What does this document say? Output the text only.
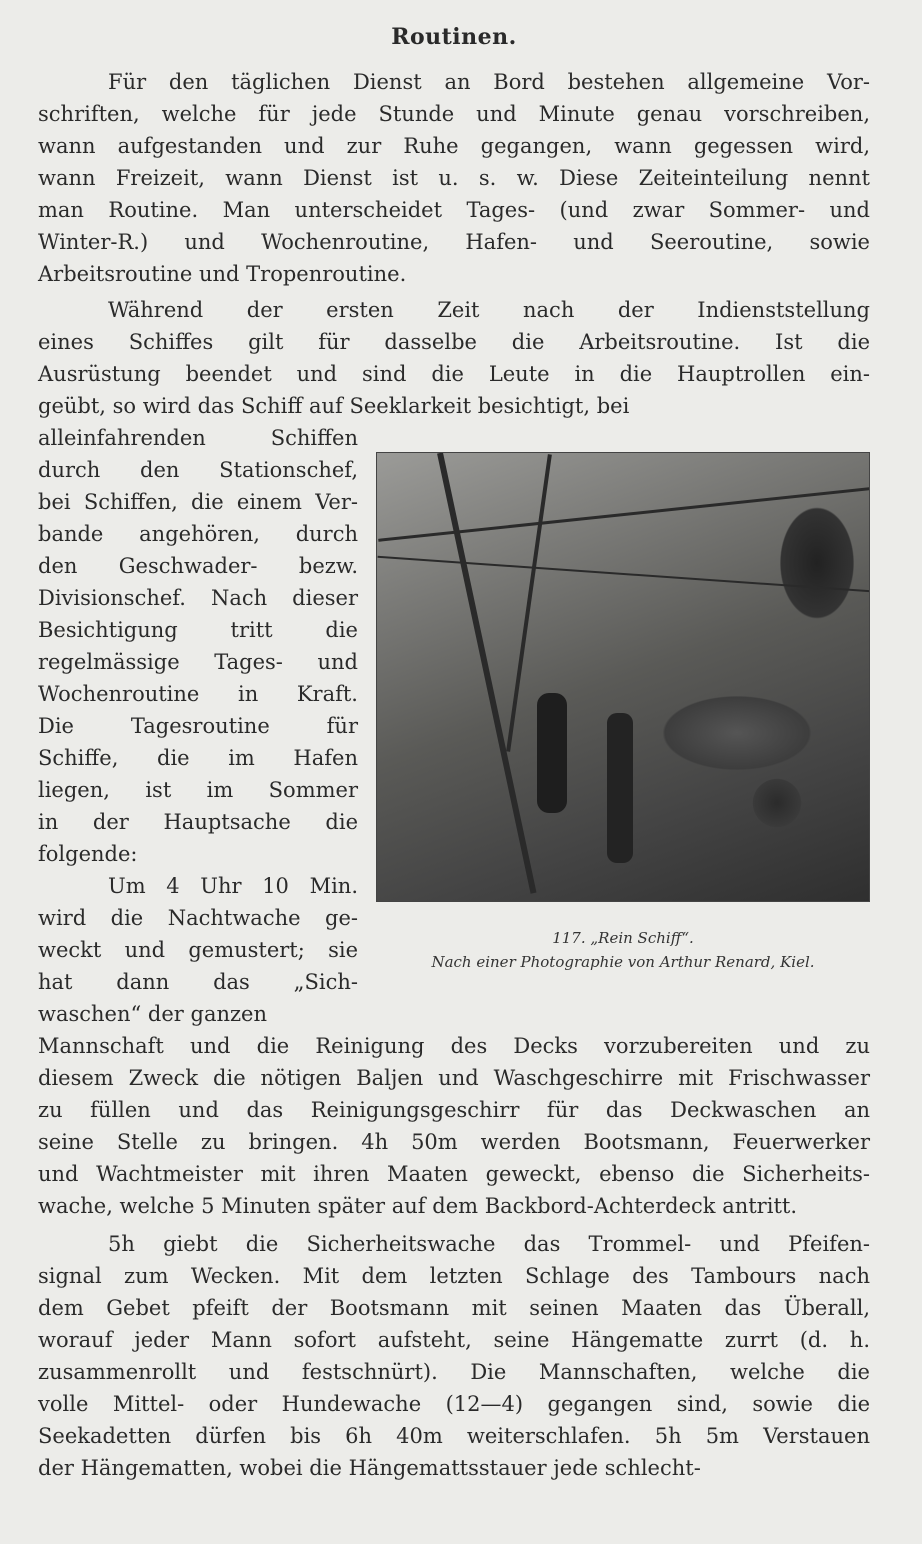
Routinen.
Für den täglichen Dienst an Bord bestehen allgemeine Vor-
schriften, welche für jede Stunde und Minute genau vorschreiben,
wann aufgestanden und zur Ruhe gegangen, wann gegessen wird,
wann Freizeit, wann Dienst ist u. s. w. Diese Zeiteinteilung nennt
man Routine. Man unterscheidet Tages- (und zwar Sommer- und
Winter-R.) und Wochenroutine, Hafen- und Seeroutine, sowie
Arbeitsroutine und Tropenroutine.
Während der ersten Zeit nach der Indienststellung
eines Schiffes gilt für dasselbe die Arbeitsroutine. Ist die
Ausrüstung beendet und sind die Leute in die Hauptrollen ein-
geübt, so wird das Schiff auf Seeklarkeit besichtigt, bei
117. „Rein Schiff“.
Nach einer Photographie von Arthur Renard, Kiel.
alleinfahrenden Schiffen
durch den Stationschef,
bei Schiffen, die einem Ver-
bande angehören, durch
den Geschwader- bezw.
Divisionschef. Nach dieser
Besichtigung tritt die
regelmässige Tages- und
Wochenroutine in Kraft.
Die Tagesroutine für
Schiffe, die im Hafen
liegen, ist im Sommer
in der Hauptsache die
folgende:
Um 4 Uhr 10 Min.
wird die Nachtwache ge-
weckt und gemustert; sie
hat dann das „Sich-
waschen“ der ganzen
Mannschaft und die Reinigung des Decks vorzubereiten und zu
diesem Zweck die nötigen Baljen und Waschgeschirre mit Frischwasser
zu füllen und das Reinigungsgeschirr für das Deckwaschen an
seine Stelle zu bringen. 4h 50m werden Bootsmann, Feuerwerker
und Wachtmeister mit ihren Maaten geweckt, ebenso die Sicherheits-
wache, welche 5 Minuten später auf dem Backbord-Achterdeck antritt.
5h giebt die Sicherheitswache das Trommel- und Pfeifen-
signal zum Wecken. Mit dem letzten Schlage des Tambours nach
dem Gebet pfeift der Bootsmann mit seinen Maaten das Überall,
worauf jeder Mann sofort aufsteht, seine Hängematte zurrt (d. h.
zusammenrollt und festschnürt). Die Mannschaften, welche die
volle Mittel- oder Hundewache (12—4) gegangen sind, sowie die
Seekadetten dürfen bis 6h 40m weiterschlafen. 5h 5m Verstauen
der Hängematten, wobei die Hängemattsstauer jede schlecht-
